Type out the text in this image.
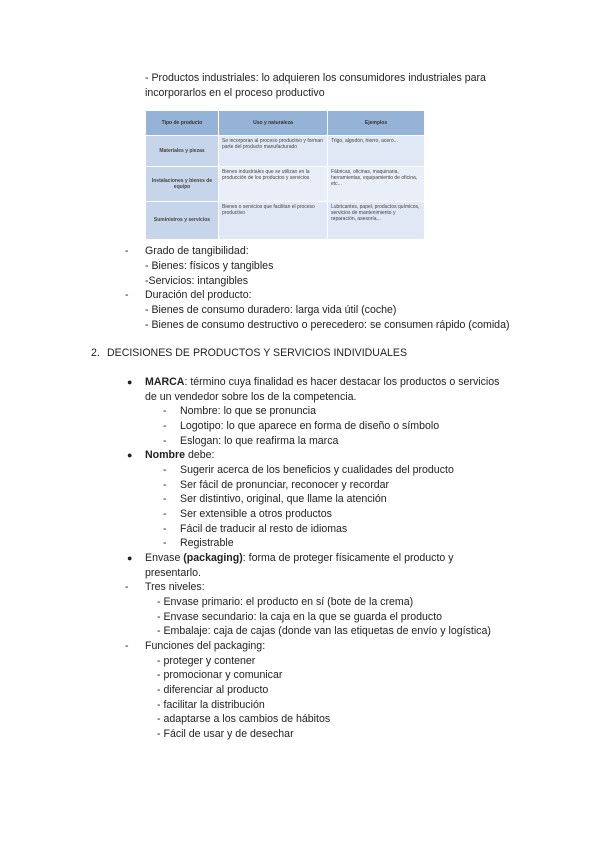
- Productos industriales: lo adquieren los consumidores industriales para
incorporarlos en el proceso productivo
Tipo de producto	Uso y naturaleza	Ejemplos
Materiales y piezas	Se incorporan al proceso productivo y forman parte del producto manufacturado	Trigo, algodón, hierro, acero...
Instalaciones y bienes de equipo	Bienes industriales que se utilizan en la producción de los productos y servicios	Fábricas, oficinas, maquinaria, herramientas, equipamiento de oficina, etc...
Suministros y servicios	Bienes o servicios que facilitan el proceso productivo	Lubricantes, papel, productos químicos, servicios de mantenimiento y reparación, asesoría...
- Grado de tangibilidad:
- Bienes: físicos y tangibles
-Servicios: intangibles
- Duración del producto:
- Bienes de consumo duradero: larga vida útil (coche)
- Bienes de consumo destructivo o perecedero: se consumen rápido (comida)
2. DECISIONES DE PRODUCTOS Y SERVICIOS INDIVIDUALES
● MARCA: término cuya finalidad es hacer destacar los productos o servicios
de un vendedor sobre los de la competencia.
- Nombre: lo que se pronuncia
- Logotipo: lo que aparece en forma de diseño o símbolo
- Eslogan: lo que reafirma la marca
● Nombre debe:
- Sugerir acerca de los beneficios y cualidades del producto
- Ser fácil de pronunciar, reconocer y recordar
- Ser distintivo, original, que llame la atención
- Ser extensible a otros productos
- Fácil de traducir al resto de idiomas
- Registrable
● Envase (packaging): forma de proteger físicamente el producto y
presentarlo.
- Tres niveles:
- Envase primario: el producto en sí (bote de la crema)
- Envase secundario: la caja en la que se guarda el producto
- Embalaje: caja de cajas (donde van las etiquetas de envío y logística)
- Funciones del packaging:
- proteger y contener
- promocionar y comunicar
- diferenciar al producto
- facilitar la distribución
- adaptarse a los cambios de hábitos
- Fácil de usar y de desechar
